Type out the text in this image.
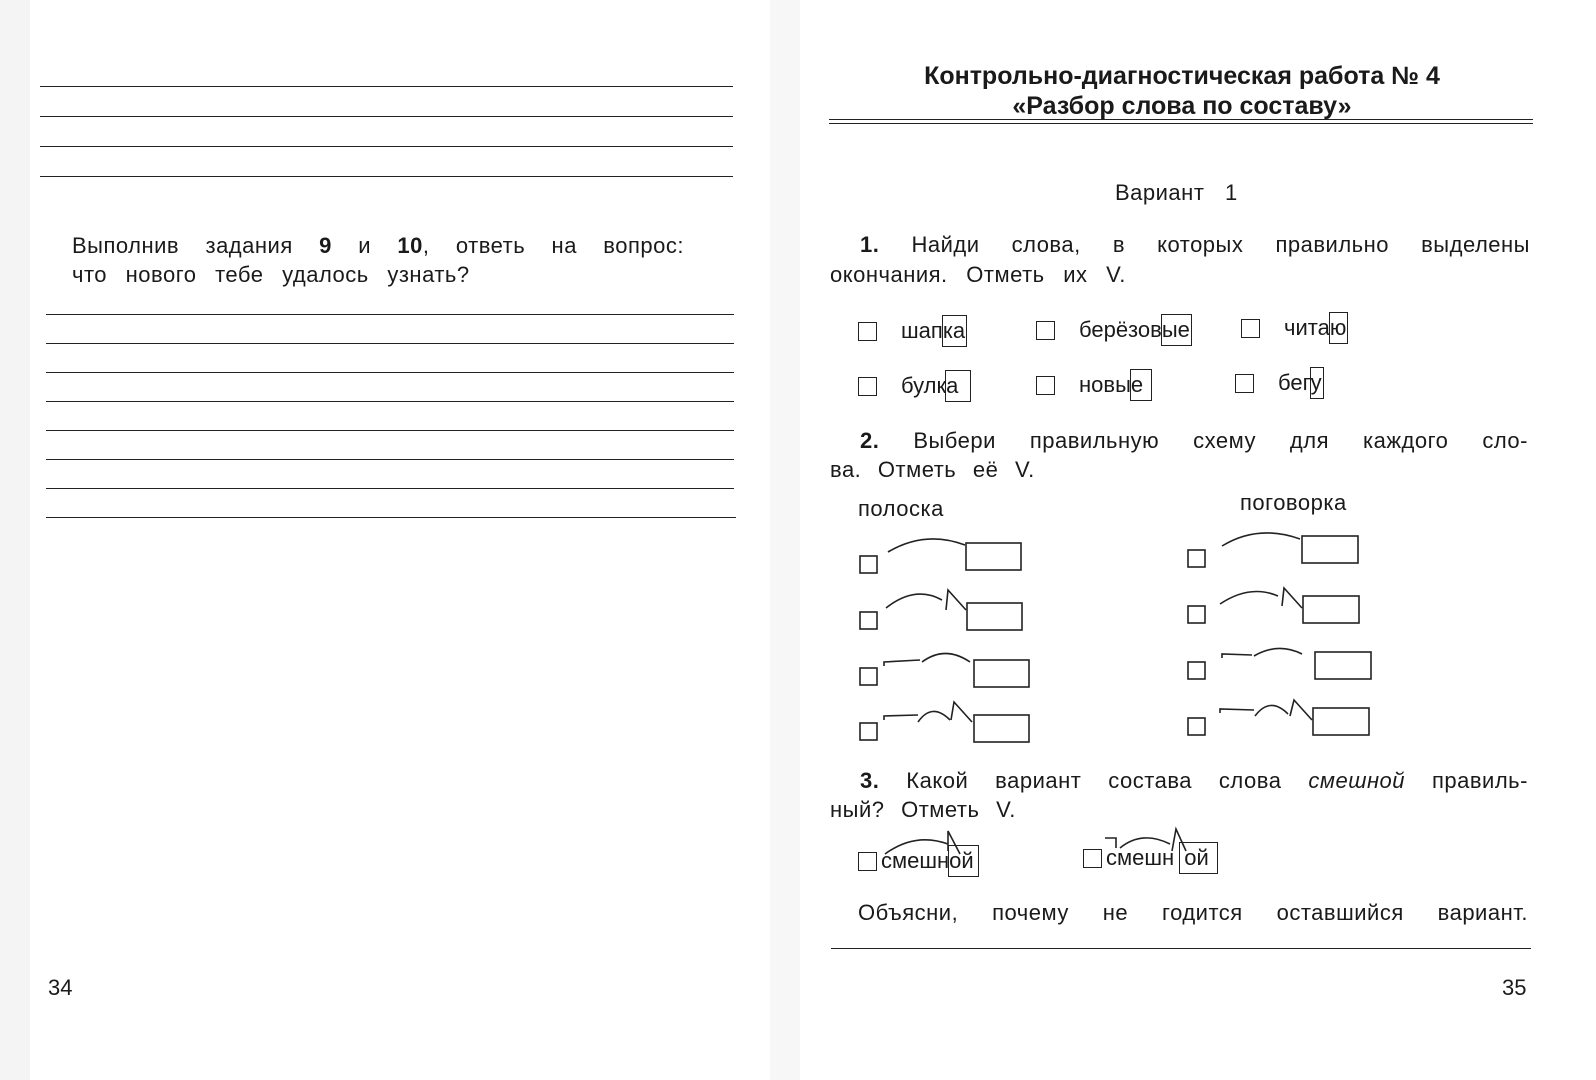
Выполнив задания 9 и 10, ответь на вопрос:
что нового тебе удалось узнать?
34
Контрольно-диагностическая работа № 4
«Разбор слова по составу»
Вариант 1
1. Найди слова, в которых правильно выделены
окончания. Отметь их V.
шапка	берёзовые	читаю
булка	новые	бегу
2. Выбери правильную схему для каждого сло-
ва. Отметь её V.
полоска	поговорка
3. Какой вариант состава слова смешной правиль-
ный? Отметь V.
смешной	смешн ой
Объясни, почему не годится оставшийся вариант.
35
